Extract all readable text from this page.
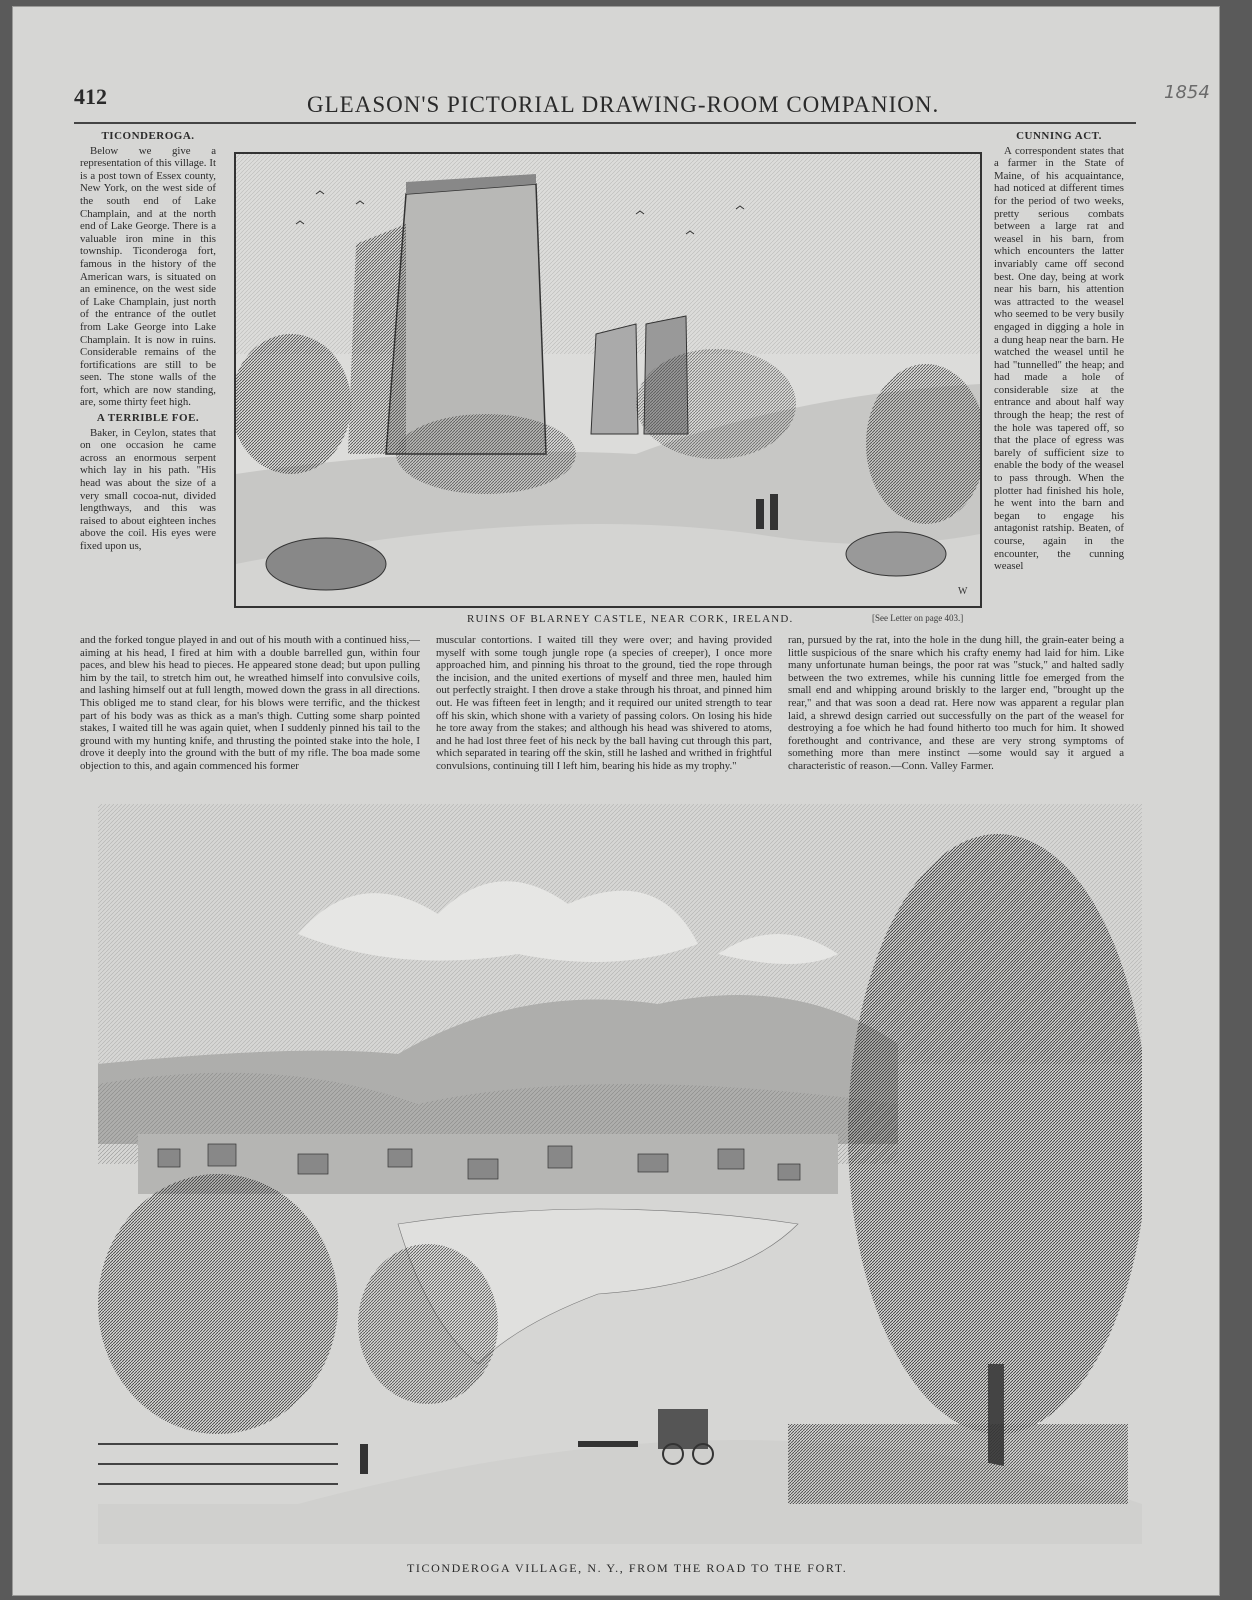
412	GLEASON'S PICTORIAL DRAWING-ROOM COMPANION.	1854
TICONDEROGA.

Below we give a representation of this village. It is a post town of Essex county, New York, on the west side of the south end of Lake Champlain, and at the north end of Lake George. There is a valuable iron mine in this township. Ticonderoga fort, famous in the history of the American wars, is situated on an eminence, on the west side of Lake Champlain, just north of the entrance of the outlet from Lake George into Lake Champlain. It is now in ruins. Considerable remains of the fortifications are still to be seen. The stone walls of the fort, which are now standing, are, some thirty feet high.

A TERRIBLE FOE.

Baker, in Ceylon, states that on one occasion he came across an enormous serpent which lay in his path. "His head was about the size of a very small cocoa-nut, divided lengthways, and this was raised to about eighteen inches above the coil. His eyes were fixed upon us,

CUNNING ACT.

A correspondent states that a farmer in the State of Maine, of his acquaintance, had noticed at different times for the period of two weeks, pretty serious combats between a large rat and weasel in his barn, from which encounters the latter invariably came off second best. One day, being at work near his barn, his attention was attracted to the weasel who seemed to be very busily engaged in digging a hole in a dung heap near the barn. He watched the weasel until he had "tunnelled" the heap; and had made a hole of considerable size at the entrance and about half way through the heap; the rest of the hole was tapered off, so that the place of egress was barely of sufficient size to enable the body of the weasel to pass through. When the plotter had finished his hole, he went into the barn and began to engage his antagonist ratship. Beaten, of course, again in the encounter, the cunning weasel

W
RUINS OF BLARNEY CASTLE, NEAR CORK, IRELAND.	[See Letter on page 403.]

and the forked tongue played in and out of his mouth with a continued hiss,—aiming at his head, I fired at him with a double barrelled gun, within four paces, and blew his head to pieces. He appeared stone dead; but upon pulling him by the tail, to stretch him out, he wreathed himself into convulsive coils, and lashing himself out at full length, mowed down the grass in all directions. This obliged me to stand clear, for his blows were terrific, and the thickest part of his body was as thick as a man's thigh. Cutting some sharp pointed stakes, I waited till he was again quiet, when I suddenly pinned his tail to the ground with my hunting knife, and thrusting the pointed stake into the hole, I drove it deeply into the ground with the butt of my rifle. The boa made some objection to this, and again commenced his former

muscular contortions. I waited till they were over; and having provided myself with some tough jungle rope (a species of creeper), I once more approached him, and pinning his throat to the ground, tied the rope through the incision, and the united exertions of myself and three men, hauled him out perfectly straight. I then drove a stake through his throat, and pinned him out. He was fifteen feet in length; and it required our united strength to tear off his skin, which shone with a variety of passing colors. On losing his hide he tore away from the stakes; and although his head was shivered to atoms, and he had lost three feet of his neck by the ball having cut through this part, which separated in tearing off the skin, still he lashed and writhed in frightful convulsions, continuing till I left him, bearing his hide as my trophy."

ran, pursued by the rat, into the hole in the dung hill, the grain-eater being a little suspicious of the snare which his crafty enemy had laid for him. Like many unfortunate human beings, the poor rat was "stuck," and halted sadly between the two extremes, while his cunning little foe emerged from the small end and whipping around briskly to the larger end, "brought up the rear," and that was soon a dead rat. Here now was apparent a regular plan laid, a shrewd design carried out successfully on the part of the weasel for destroying a foe which he had found hitherto too much for him. It showed forethought and contrivance, and these are very strong symptoms of something more than mere instinct —some would say it argued a characteristic of reason.—Conn. Valley Farmer.

TICONDEROGA VILLAGE, N. Y., FROM THE ROAD TO THE FORT.
